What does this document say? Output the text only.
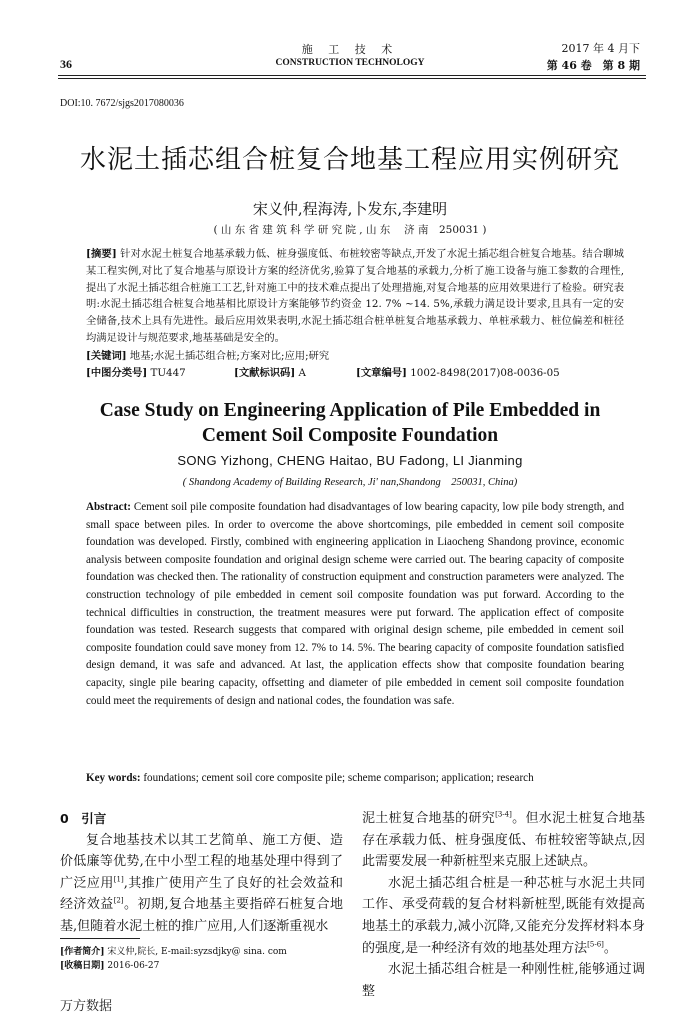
施 工 技 术
CONSTRUCTION TECHNOLOGY
36
2017 年 4 月下
第 46 卷　第 8 期
DOI:10. 7672/sjgs2017080036
水泥土插芯组合桩复合地基工程应用实例研究
宋义仲,程海涛,卜发东,李建明
( 山 东 省 建 筑 科 学 研 究 院 , 山 东　 济 南　250031 )
[摘要] 针对水泥土桩复合地基承载力低、桩身强度低、布桩较密等缺点,开发了水泥土插芯组合桩复合地基。结合聊城某工程实例,对比了复合地基与原设计方案的经济优劣,验算了复合地基的承载力,分析了施工设备与施工参数的合理性,提出了水泥土插芯组合桩施工工艺,针对施工中的技术难点提出了处理措施,对复合地基的应用效果进行了检验。研究表明:水泥土插芯组合桩复合地基相比原设计方案能够节约资金 12. 7% ~14. 5%,承载力满足设计要求,且具有一定的安全储备,技术上具有先进性。最后应用效果表明,水泥土插芯组合桩单桩复合地基承载力、单桩承载力、桩位偏差和桩径均满足设计与规范要求,地基基础是安全的。
[关键词] 地基;水泥土插芯组合桩;方案对比;应用;研究
[中图分类号] TU447	[文献标识码] A	[文章编号] 1002-8498(2017)08-0036-05
Case Study on Engineering Application of Pile Embedded in
Cement Soil Composite Foundation
SONG Yizhong, CHENG Haitao, BU Fadong, LI Jianming
( Shandong Academy of Building Research, Ji' nan,Shandong　250031, China)
Abstract: Cement soil pile composite foundation had disadvantages of low bearing capacity, low pile body strength, and small space between piles. In order to overcome the above shortcomings, pile embedded in cement soil composite foundation was developed. Firstly, combined with engineering application in Liaocheng Shandong province, economic analysis between composite foundation and original design scheme were carried out. The bearing capacity of composite foundation was checked then. The rationality of construction equipment and construction parameters were analyzed. The construction technology of pile embedded in cement soil composite foundation was put forward. According to the technical difficulties in construction, the treatment measures were put forward. The application effect of composite foundation was tested. Research suggests that compared with original design scheme, pile embedded in cement soil composite foundation could save money from 12. 7% to 14. 5%. The bearing capacity of composite foundation satisfied design demand, it was safe and advanced. At last, the application effects show that composite foundation bearing capacity, single pile bearing capacity, offsetting and diameter of pile embedded in cement soil composite foundation could meet the requirements of design and national codes, the foundation was safe.
Key words: foundations; cement soil core composite pile; scheme comparison; application; research
0　引言

复合地基技术以其工艺简单、施工方便、造价低廉等优势,在中小型工程的地基处理中得到了广泛应用[1],其推广使用产生了良好的社会效益和经济效益[2]。初期,复合地基主要指碎石桩复合地基,但随着水泥土桩的推广应用,人们逐渐重视水

泥土桩复合地基的研究[3-4]。但水泥土桩复合地基存在承载力低、桩身强度低、布桩较密等缺点,因此需要发展一种新桩型来克服上述缺点。

水泥土插芯组合桩是一种芯桩与水泥土共同工作、承受荷载的复合材料新桩型,既能有效提高地基土的承载力,减小沉降,又能充分发挥材料本身的强度,是一种经济有效的地基处理方法[5-6]。

水泥土插芯组合桩是一种刚性桩,能够通过调整

[作者简介] 宋义仲,院长, E-mail:syzsdjky@ sina. com
[收稿日期] 2016-06-27
万方数据
